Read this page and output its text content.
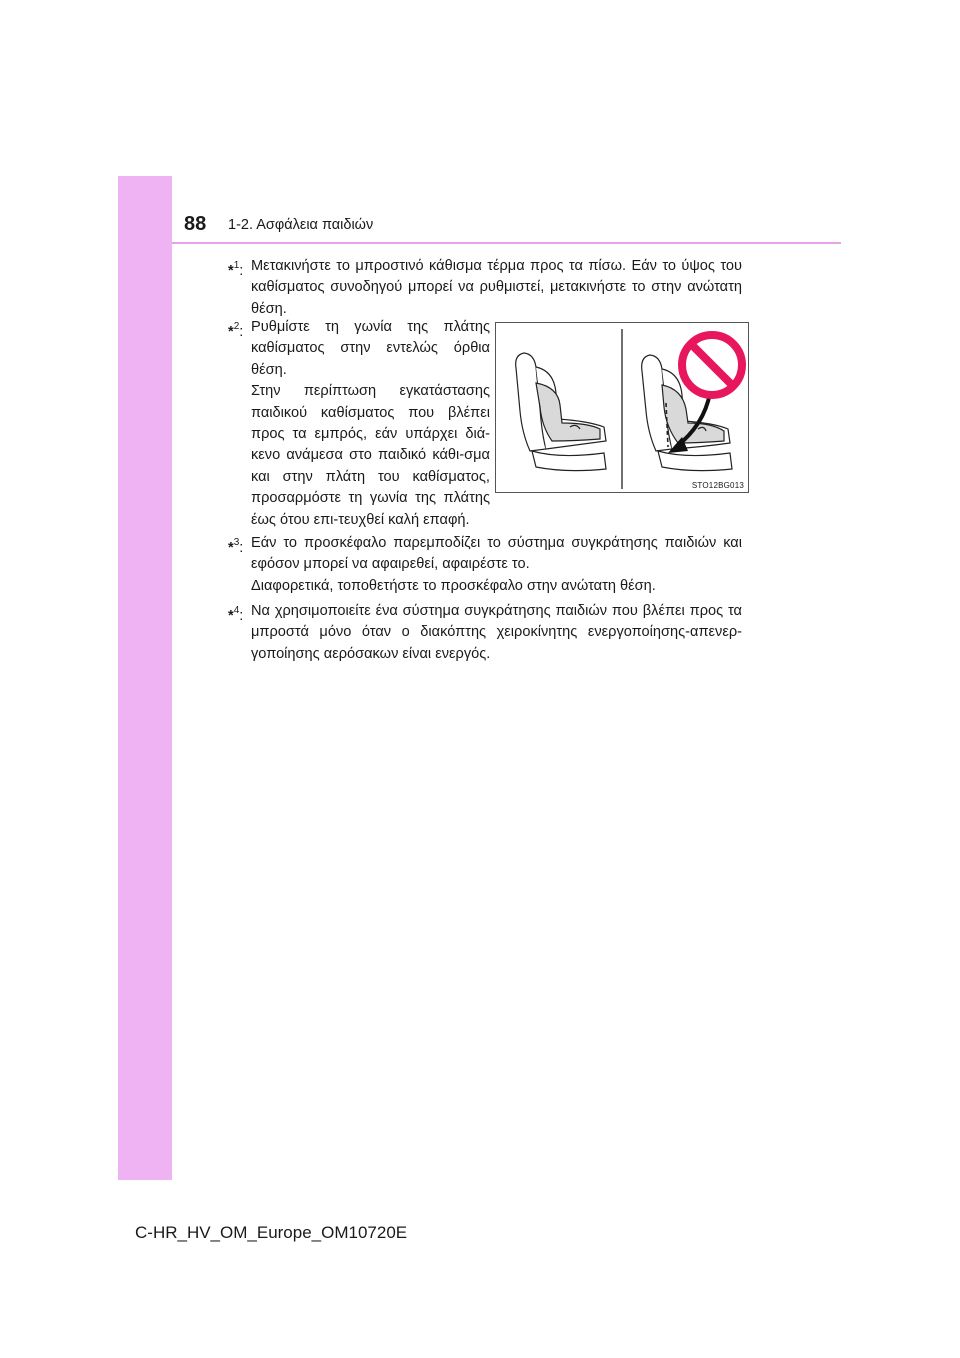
88 1-2. Ασφάλεια παιδιών
*$^1$: Μετακινήστε το μπροστινό κάθισμα τέρμα προς τα πίσω. Εάν το ύψος του καθίσματος συνοδηγού μπορεί να ρυθμιστεί, μετακινήστε το στην ανώτατη θέση.

*$^2$: Ρυθμίστε τη γωνία της πλάτης καθίσματος στην εντελώς όρθια θέση.

Στην περίπτωση εγκατάστασης παιδικού καθίσματος που βλέπει προς τα εμπρός, εάν υπάρχει διά-κενο ανάμεσα στο παιδικό κάθι-σμα και στην πλάτη του καθίσματος, προσαρμόστε τη γωνία της πλάτης έως ότου επι-τευχθεί καλή επαφή.

STO12BG013
*$^3$: Εάν το προσκέφαλο παρεμποδίζει το σύστημα συγκράτησης παιδιών και εφόσον μπορεί να αφαιρεθεί, αφαιρέστε το.

Διαφορετικά, τοποθετήστε το προσκέφαλο στην ανώτατη θέση.

*$^4$: Να χρησιμοποιείτε ένα σύστημα συγκράτησης παιδιών που βλέπει προς τα μπροστά μόνο όταν ο διακόπτης χειροκίνητης ενεργοποίησης-απενερ-γοποίησης αερόσακων είναι ενεργός.

C-HR_HV_OM_Europe_OM10720E
